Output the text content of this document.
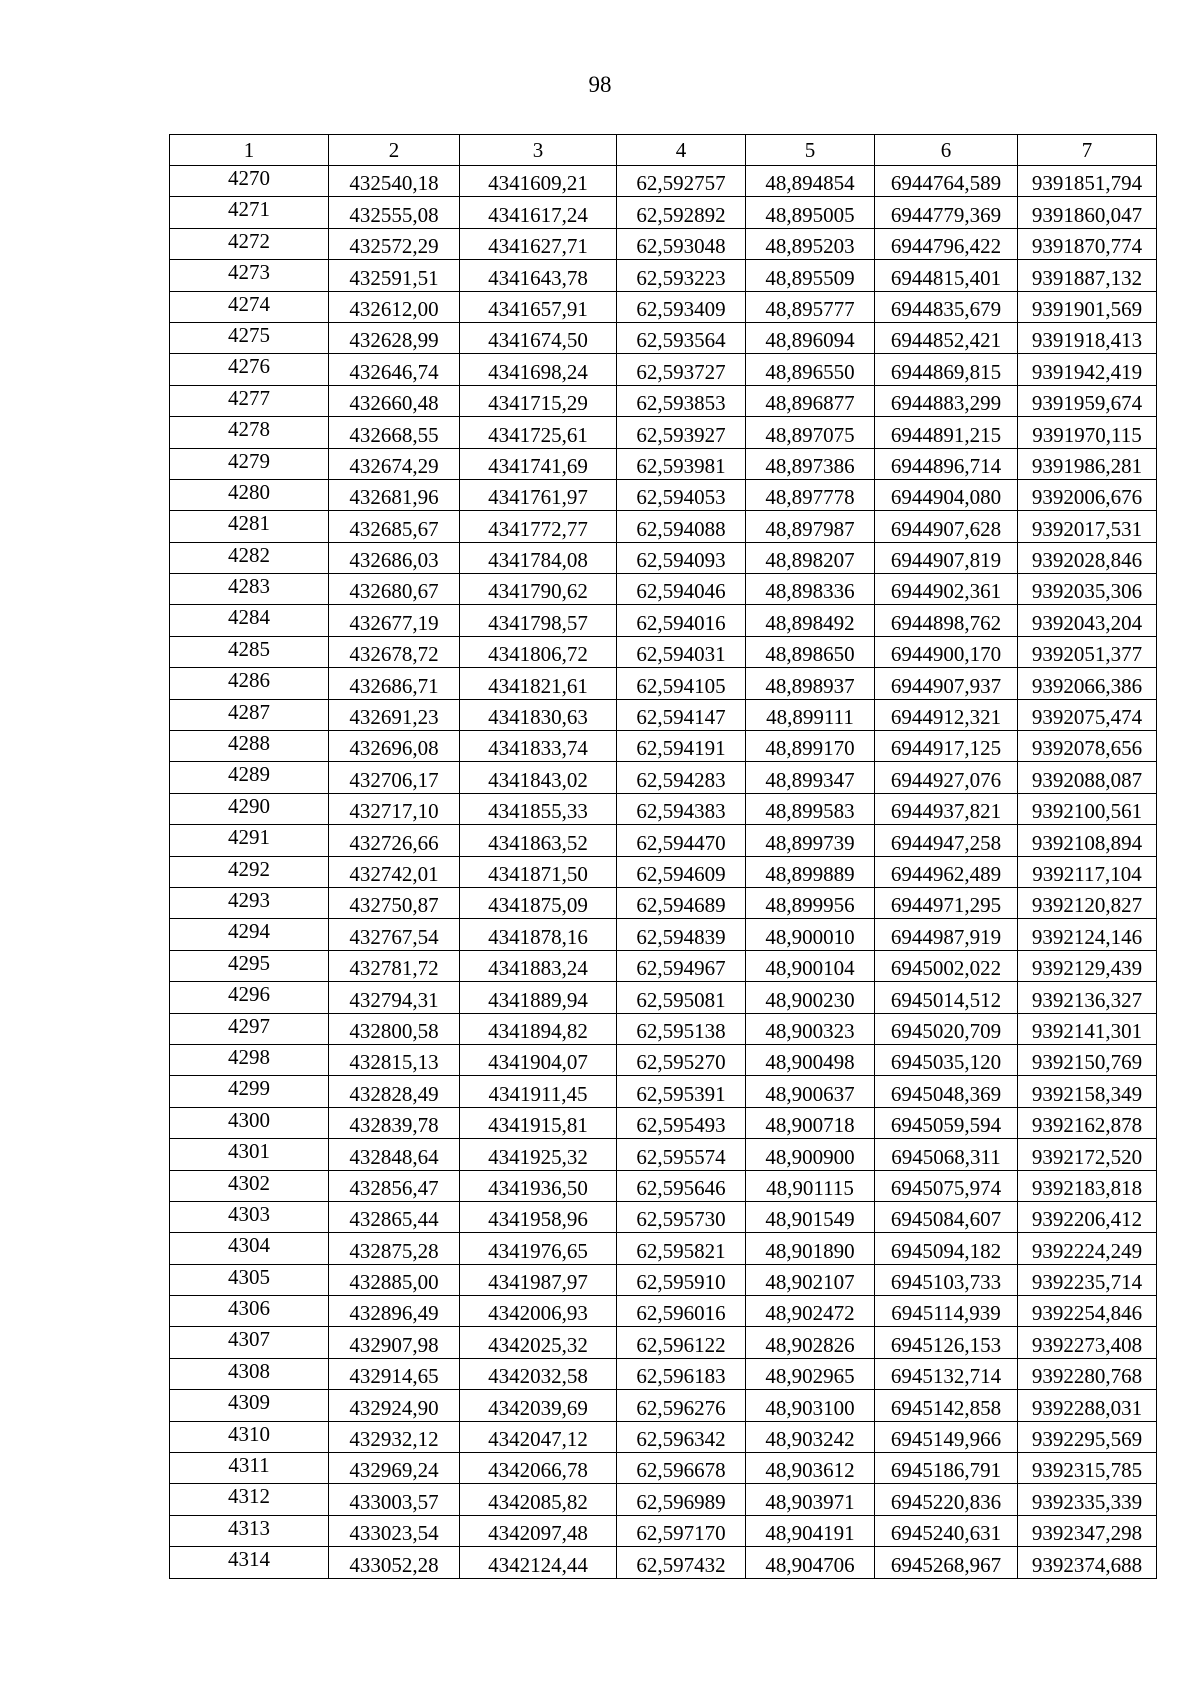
98
1	2	3	4	5	6	7
4270	432540,18	4341609,21	62,592757	48,894854	6944764,589	9391851,794
4271	432555,08	4341617,24	62,592892	48,895005	6944779,369	9391860,047
4272	432572,29	4341627,71	62,593048	48,895203	6944796,422	9391870,774
4273	432591,51	4341643,78	62,593223	48,895509	6944815,401	9391887,132
4274	432612,00	4341657,91	62,593409	48,895777	6944835,679	9391901,569
4275	432628,99	4341674,50	62,593564	48,896094	6944852,421	9391918,413
4276	432646,74	4341698,24	62,593727	48,896550	6944869,815	9391942,419
4277	432660,48	4341715,29	62,593853	48,896877	6944883,299	9391959,674
4278	432668,55	4341725,61	62,593927	48,897075	6944891,215	9391970,115
4279	432674,29	4341741,69	62,593981	48,897386	6944896,714	9391986,281
4280	432681,96	4341761,97	62,594053	48,897778	6944904,080	9392006,676
4281	432685,67	4341772,77	62,594088	48,897987	6944907,628	9392017,531
4282	432686,03	4341784,08	62,594093	48,898207	6944907,819	9392028,846
4283	432680,67	4341790,62	62,594046	48,898336	6944902,361	9392035,306
4284	432677,19	4341798,57	62,594016	48,898492	6944898,762	9392043,204
4285	432678,72	4341806,72	62,594031	48,898650	6944900,170	9392051,377
4286	432686,71	4341821,61	62,594105	48,898937	6944907,937	9392066,386
4287	432691,23	4341830,63	62,594147	48,899111	6944912,321	9392075,474
4288	432696,08	4341833,74	62,594191	48,899170	6944917,125	9392078,656
4289	432706,17	4341843,02	62,594283	48,899347	6944927,076	9392088,087
4290	432717,10	4341855,33	62,594383	48,899583	6944937,821	9392100,561
4291	432726,66	4341863,52	62,594470	48,899739	6944947,258	9392108,894
4292	432742,01	4341871,50	62,594609	48,899889	6944962,489	9392117,104
4293	432750,87	4341875,09	62,594689	48,899956	6944971,295	9392120,827
4294	432767,54	4341878,16	62,594839	48,900010	6944987,919	9392124,146
4295	432781,72	4341883,24	62,594967	48,900104	6945002,022	9392129,439
4296	432794,31	4341889,94	62,595081	48,900230	6945014,512	9392136,327
4297	432800,58	4341894,82	62,595138	48,900323	6945020,709	9392141,301
4298	432815,13	4341904,07	62,595270	48,900498	6945035,120	9392150,769
4299	432828,49	4341911,45	62,595391	48,900637	6945048,369	9392158,349
4300	432839,78	4341915,81	62,595493	48,900718	6945059,594	9392162,878
4301	432848,64	4341925,32	62,595574	48,900900	6945068,311	9392172,520
4302	432856,47	4341936,50	62,595646	48,901115	6945075,974	9392183,818
4303	432865,44	4341958,96	62,595730	48,901549	6945084,607	9392206,412
4304	432875,28	4341976,65	62,595821	48,901890	6945094,182	9392224,249
4305	432885,00	4341987,97	62,595910	48,902107	6945103,733	9392235,714
4306	432896,49	4342006,93	62,596016	48,902472	6945114,939	9392254,846
4307	432907,98	4342025,32	62,596122	48,902826	6945126,153	9392273,408
4308	432914,65	4342032,58	62,596183	48,902965	6945132,714	9392280,768
4309	432924,90	4342039,69	62,596276	48,903100	6945142,858	9392288,031
4310	432932,12	4342047,12	62,596342	48,903242	6945149,966	9392295,569
4311	432969,24	4342066,78	62,596678	48,903612	6945186,791	9392315,785
4312	433003,57	4342085,82	62,596989	48,903971	6945220,836	9392335,339
4313	433023,54	4342097,48	62,597170	48,904191	6945240,631	9392347,298
4314	433052,28	4342124,44	62,597432	48,904706	6945268,967	9392374,688
